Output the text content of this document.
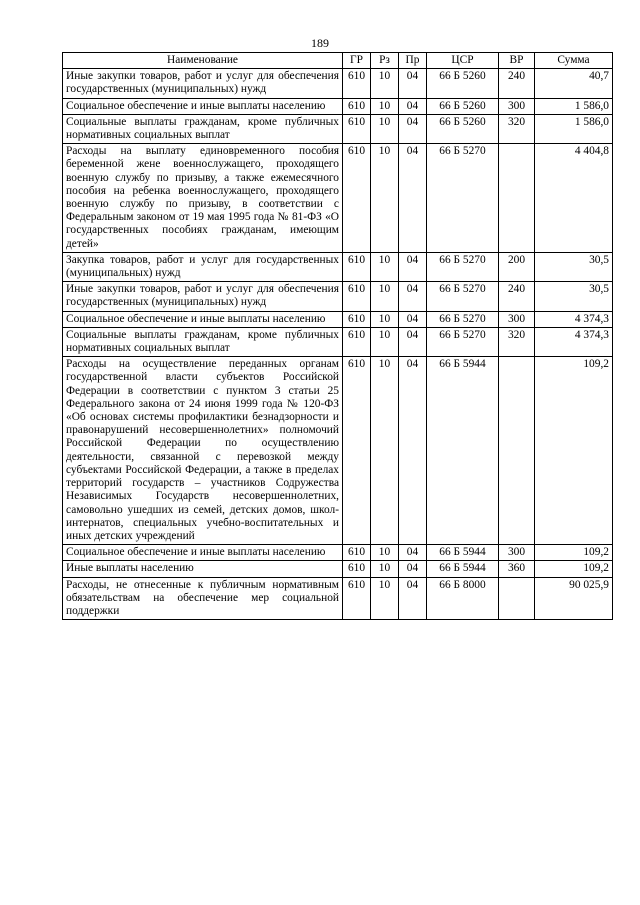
189
Наименование	ГР	Рз	Пр	ЦСР	ВР	Сумма
Иные закупки товаров, работ и услуг для обеспечения государственных (муниципальных) нужд	610	10	04	66 Б 5260	240	40,7
Социальное обеспечение и иные выплаты населению	610	10	04	66 Б 5260	300	1 586,0
Социальные выплаты гражданам, кроме публичных нормативных социальных выплат	610	10	04	66 Б 5260	320	1 586,0
Расходы на выплату единовременного пособия беременной жене военнослужащего, проходящего военную службу по призыву, а также ежемесячного пособия на ребенка военнослужащего, проходящего военную службу по призыву, в соответствии с Федеральным законом от 19 мая 1995 года № 81-ФЗ «О государственных пособиях гражданам, имеющим детей»	610	10	04	66 Б 5270		4 404,8
Закупка товаров, работ и услуг для государственных (муниципальных) нужд	610	10	04	66 Б 5270	200	30,5
Иные закупки товаров, работ и услуг для обеспечения государственных (муниципальных) нужд	610	10	04	66 Б 5270	240	30,5
Социальное обеспечение и иные выплаты населению	610	10	04	66 Б 5270	300	4 374,3
Социальные выплаты гражданам, кроме публичных нормативных социальных выплат	610	10	04	66 Б 5270	320	4 374,3
Расходы на осуществление переданных органам государственной власти субъектов Российской Федерации в соответствии с пунктом 3 статьи 25 Федерального закона от 24 июня 1999 года № 120-ФЗ «Об основах системы профилактики безнадзорности и правонарушений несовершеннолетних» полномочий Российской Федерации по осуществлению деятельности, связанной с перевозкой между субъектами Российской Федерации, а также в пределах территорий государств – участников Содружества Независимых Государств несовершеннолетних, самовольно ушедших из семей, детских домов, школ-интернатов, специальных учебно-воспитательных и иных детских учреждений	610	10	04	66 Б 5944		109,2
Социальное обеспечение и иные выплаты населению	610	10	04	66 Б 5944	300	109,2
Иные выплаты населению	610	10	04	66 Б 5944	360	109,2
Расходы, не отнесенные к публичным нормативным обязательствам на обеспечение мер социальной поддержки	610	10	04	66 Б 8000		90 025,9
